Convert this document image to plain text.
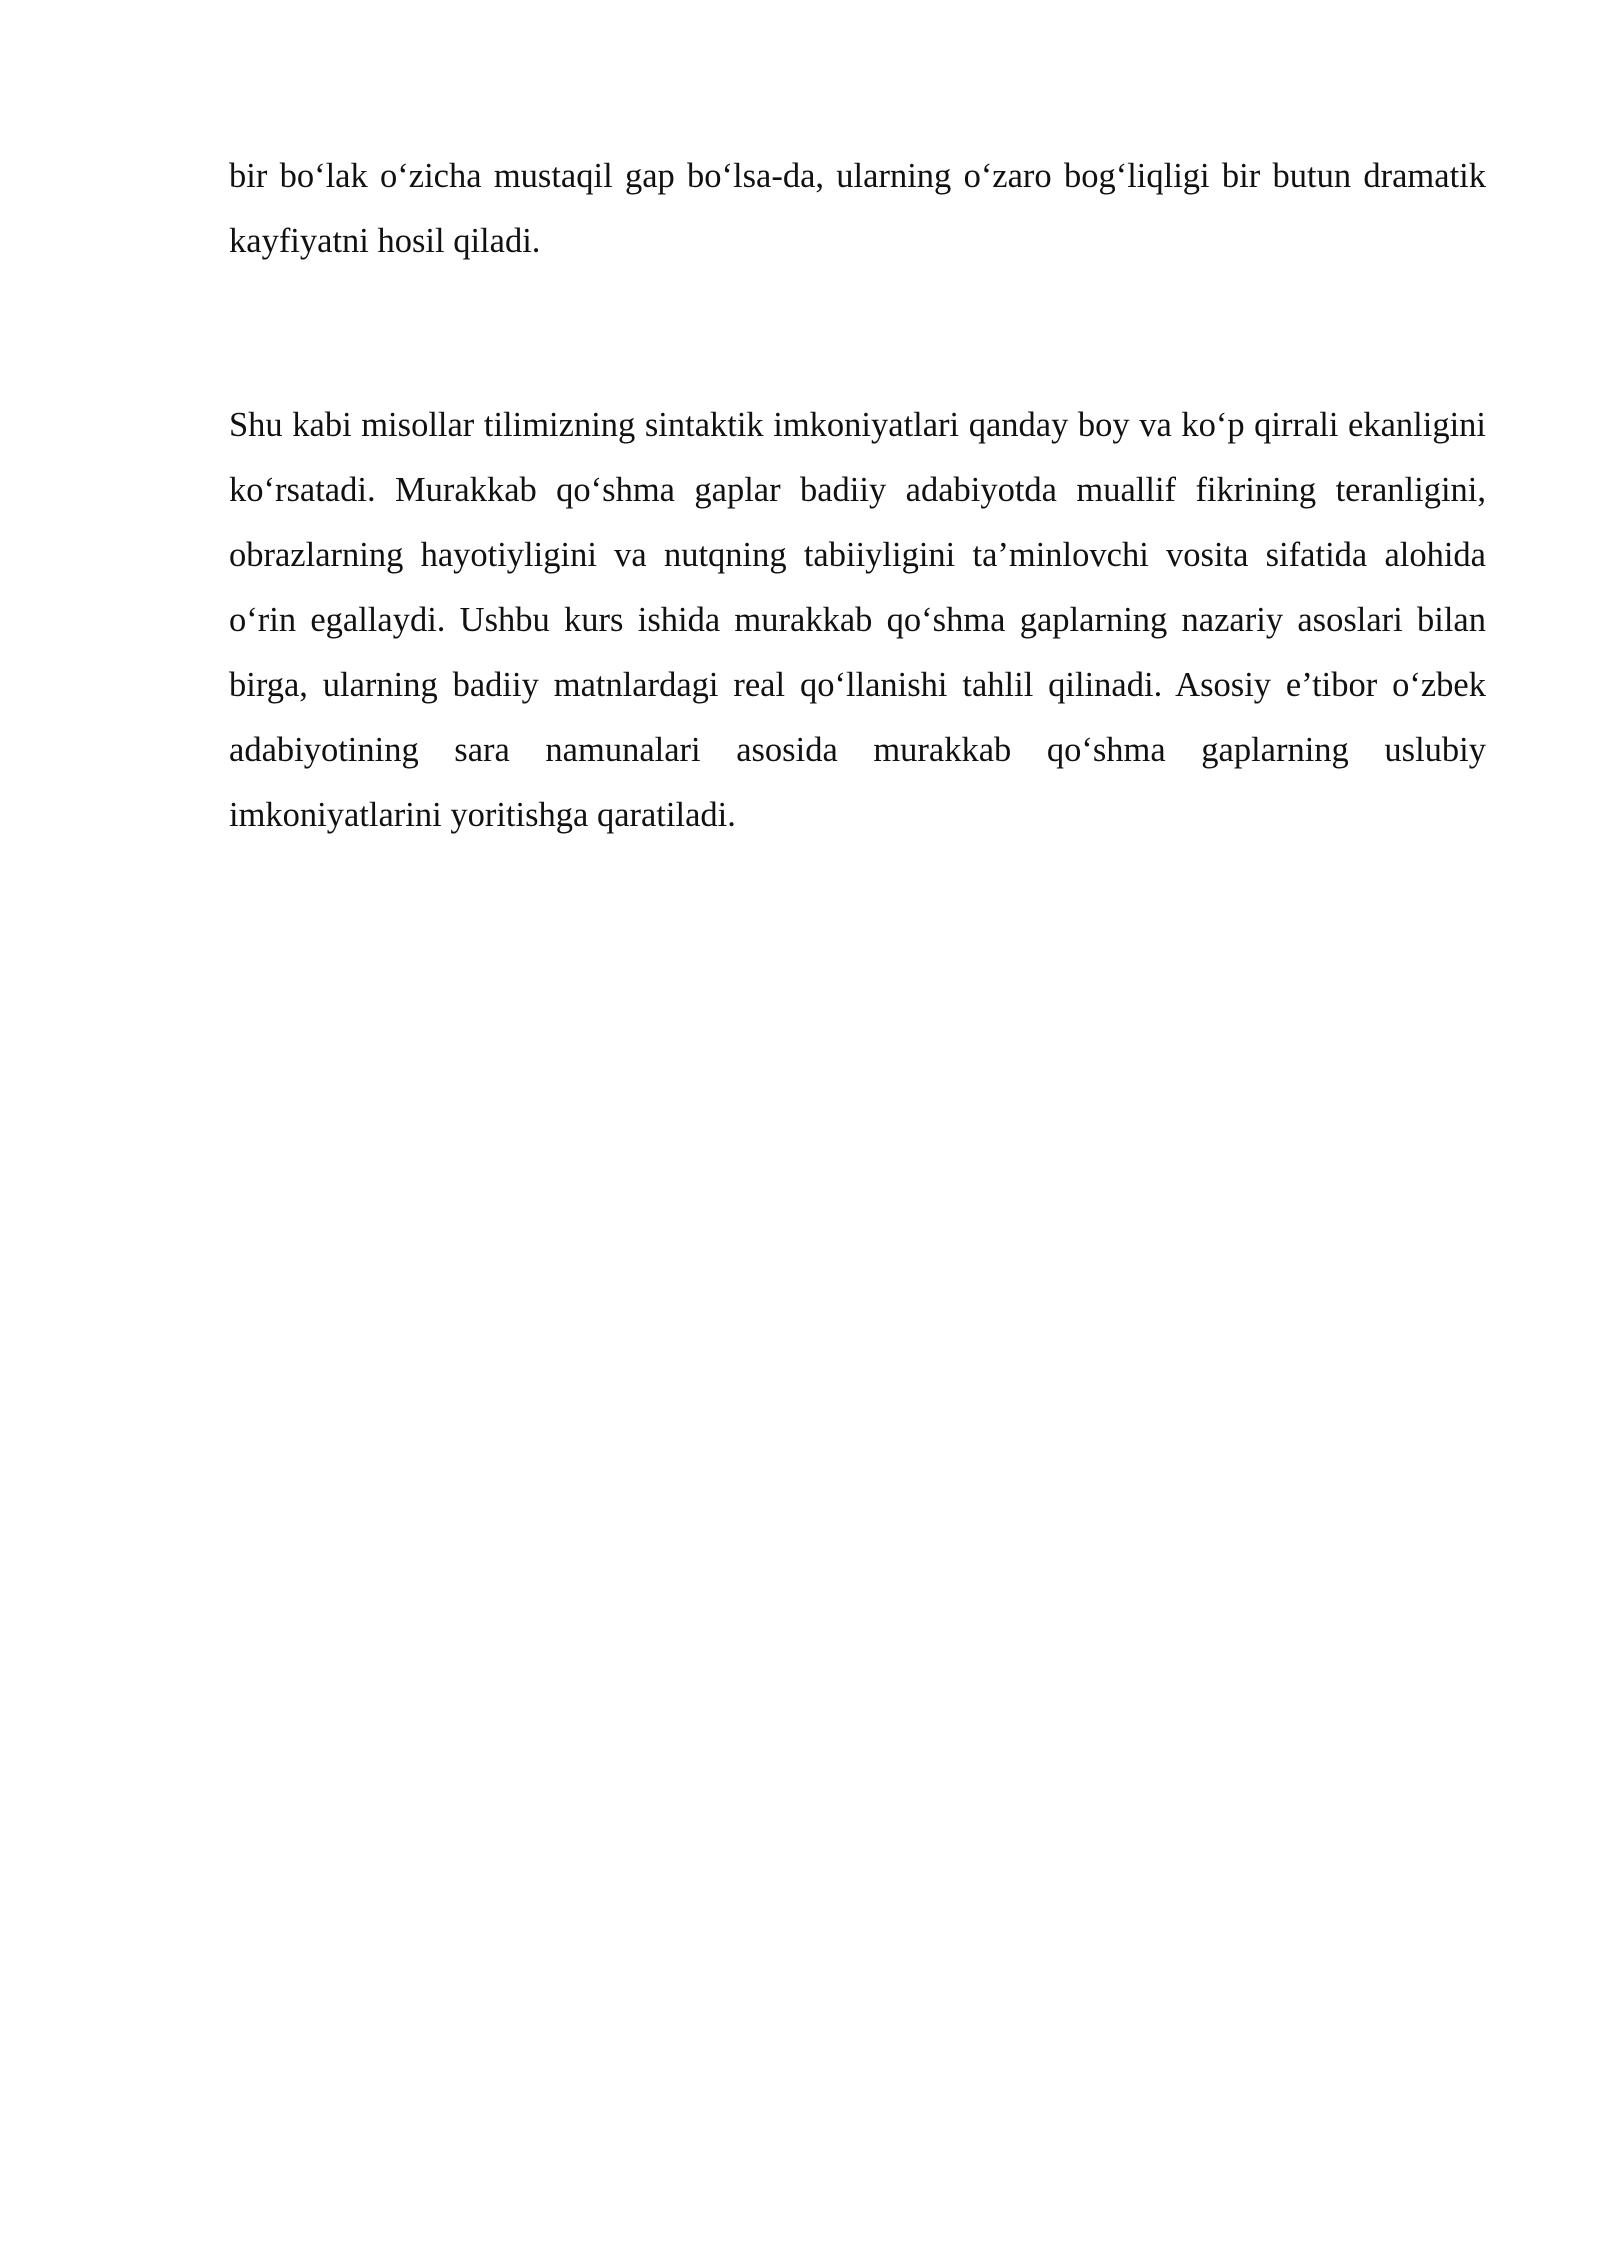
bir bo‘lak o‘zicha mustaqil gap bo‘lsa-da, ularning o‘zaro bog‘liqligi bir butun dramatik kayfiyatni hosil qiladi.

Shu kabi misollar tilimizning sintaktik imkoniyatlari qanday boy va ko‘p qirrali ekanligini ko‘rsatadi. Murakkab qo‘shma gaplar badiiy adabiyotda muallif fikrining teranligini, obrazlarning hayotiyligini va nutqning tabiiyligini ta’minlovchi vosita sifatida alohida o‘rin egallaydi. Ushbu kurs ishida murakkab qo‘shma gaplarning nazariy asoslari bilan birga, ularning badiiy matnlardagi real qo‘llanishi tahlil qilinadi. Asosiy e’tibor o‘zbek adabiyotining sara namunalari asosida murakkab qo‘shma gaplarning uslubiy imkoniyatlarini yoritishga qaratiladi.
